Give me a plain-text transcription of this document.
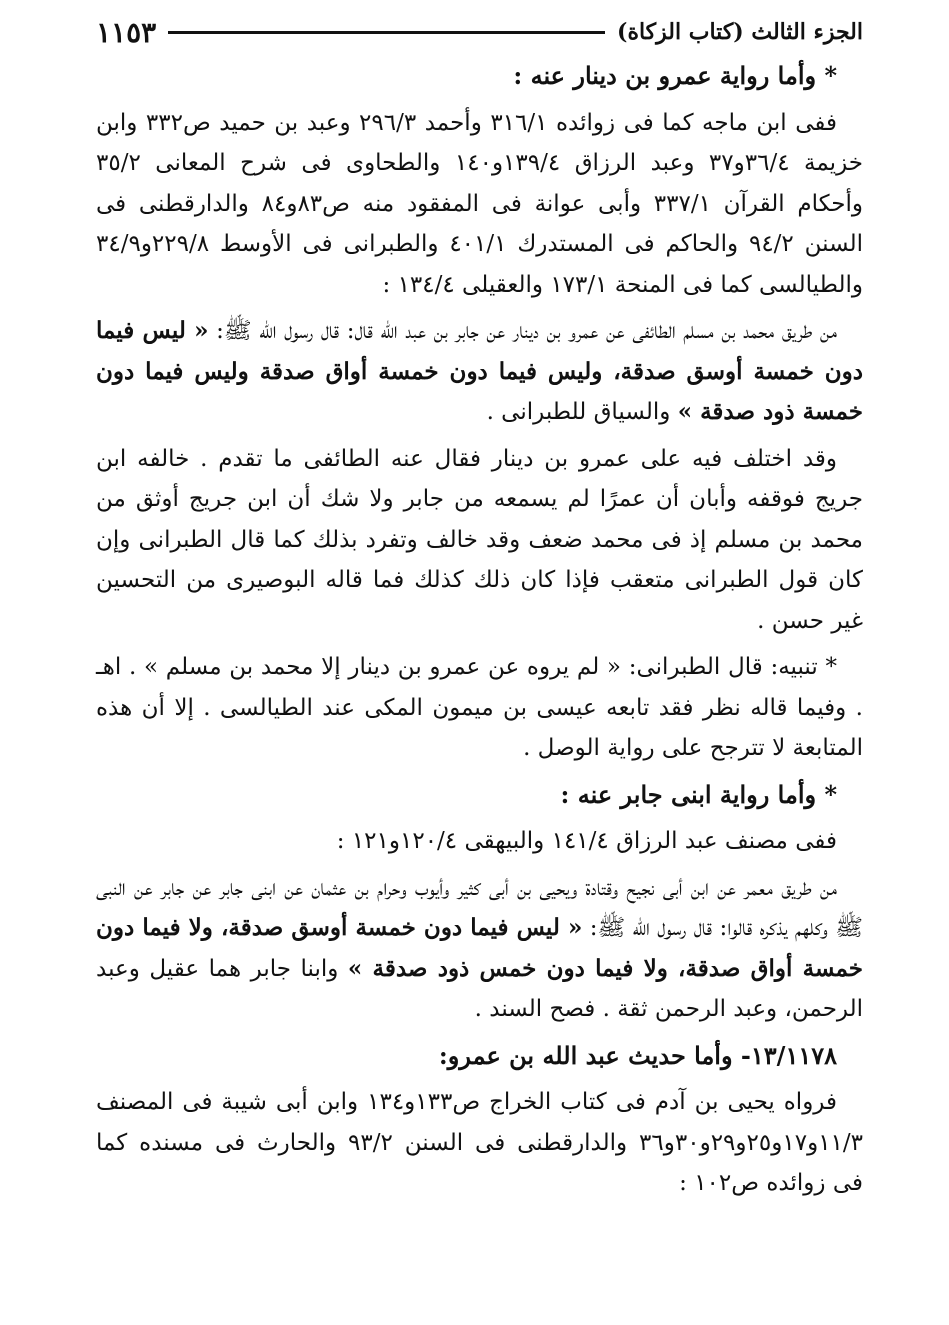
١١٥٣	الجزء الثالث (كتاب الزكاة)

* وأما رواية عمرو بن دينار عنه :

ففى ابن ماجه كما فى زوائده ٣١٦/١ وأحمد ٢٩٦/٣ وعبد بن حميد ص٣٣٢ وابن خزيمة ٣٦/٤و٣٧ وعبد الرزاق ١٣٩/٤و١٤٠ والطحاوى فى شرح المعانى ٣٥/٢ وأحكام القرآن ٣٣٧/١ وأبى عوانة فى المفقود منه ص٨٣و٨٤ والدارقطنى فى السنن ٩٤/٢ والحاكم فى المستدرك ٤٠١/١ والطبرانى فى الأوسط ٢٢٩/٨و٣٤/٩ والطيالسى كما فى المنحة ١٧٣/١ والعقيلى ١٣٤/٤ :

من طريق محمد بن مسلم الطائفى عن عمرو بن دينار عن جابر بن عبد الله قال: قال رسول الله ﷺ: « ليس فيما دون خمسة أوسق صدقة، وليس فيما دون خمسة أواق صدقة وليس فيما دون خمسة ذود صدقة » والسياق للطبرانى .

وقد اختلف فيه على عمرو بن دينار فقال عنه الطائفى ما تقدم . خالفه ابن جريج فوقفه وأبان أن عمرًا لم يسمعه من جابر ولا شك أن ابن جريج أوثق من محمد بن مسلم إذ فى محمد ضعف وقد خالف وتفرد بذلك كما قال الطبرانى وإن كان قول الطبرانى متعقب فإذا كان ذلك كذلك فما قاله البوصيرى من التحسين غير حسن .

* تنبيه: قال الطبرانى: « لم يروه عن عمرو بن دينار إلا محمد بن مسلم » . اهـ . وفيما قاله نظر فقد تابعه عيسى بن ميمون المكى عند الطيالسى . إلا أن هذه المتابعة لا تترجح على رواية الوصل .

* وأما رواية ابنى جابر عنه :

ففى مصنف عبد الرزاق ١٤١/٤ والبيهقى ١٢٠/٤و١٢١ :

من طريق معمر عن ابن أبى نجيح وقتادة ويحيى بن أبى كثير وأيوب وحرام بن عثمان عن ابنى جابر عن جابر عن النبى ﷺ وكلهم يذكره قالوا: قال رسول الله ﷺ: « ليس فيما دون خمسة أوسق صدقة، ولا فيما دون خمسة أواق صدقة، ولا فيما دون خمس ذود صدقة » وابنا جابر هما عقيل وعبد الرحمن، وعبد الرحمن ثقة . فصح السند .

١٣/١١٧٨- وأما حديث عبد الله بن عمرو:

فرواه يحيى بن آدم فى كتاب الخراج ص١٣٣و١٣٤ وابن أبى شيبة فى المصنف ١١/٣و١٧و٢٥و٢٩و٣٠و٣٦ والدارقطنى فى السنن ٩٣/٢ والحارث فى مسنده كما فى زوائده ص١٠٢ :
